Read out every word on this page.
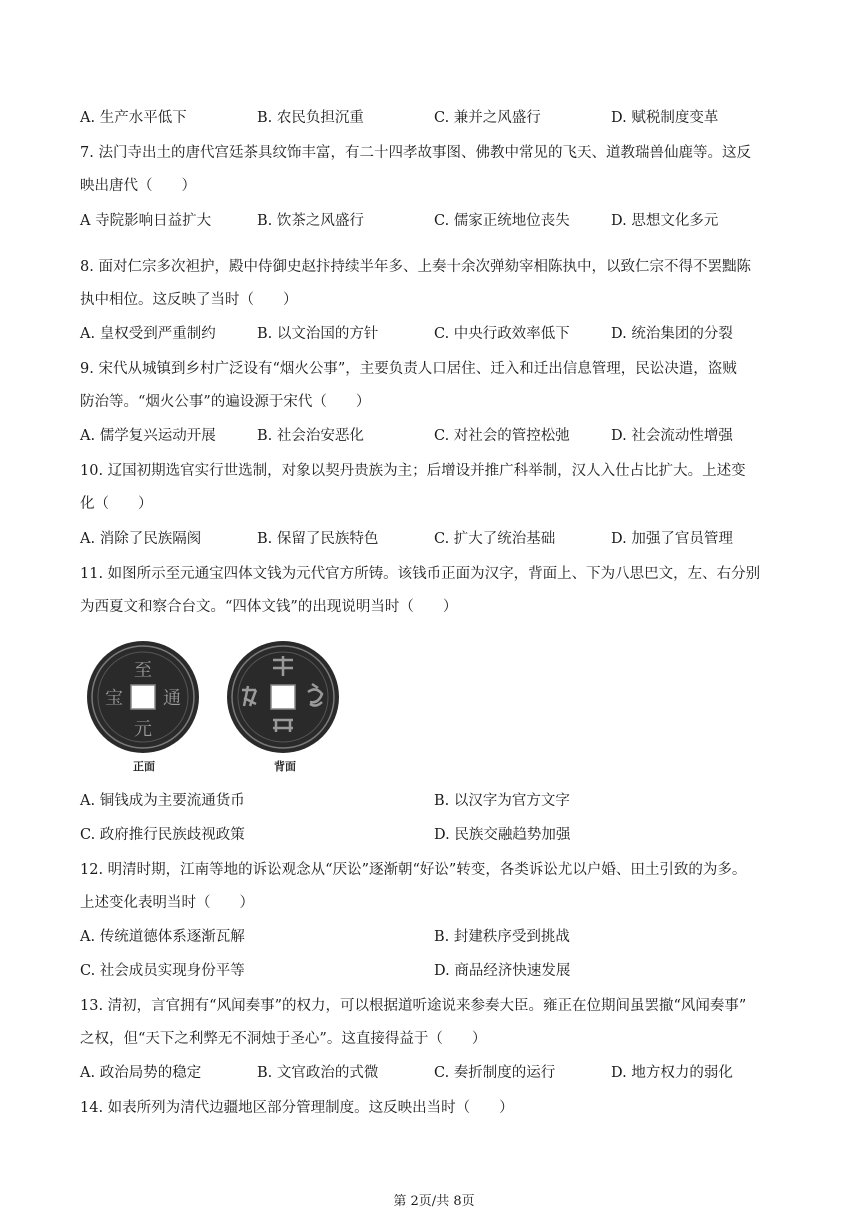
A. 生产水平低下	B. 农民负担沉重	C. 兼并之风盛行	D. 赋税制度变革
7. 法门寺出土的唐代宫廷茶具纹饰丰富，有二十四孝故事图、佛教中常见的飞天、道教瑞兽仙鹿等。这反
映出唐代（　　）
A 寺院影响日益扩大	B. 饮茶之风盛行	C. 儒家正统地位丧失	D. 思想文化多元
8. 面对仁宗多次袒护，殿中侍御史赵抃持续半年多、上奏十余次弹劾宰相陈执中，以致仁宗不得不罢黜陈
执中相位。这反映了当时（　　）
A. 皇权受到严重制约	B. 以文治国的方针	C. 中央行政效率低下	D. 统治集团的分裂
9. 宋代从城镇到乡村广泛设有“烟火公事”，主要负责人口居住、迁入和迁出信息管理，民讼决遣，盗贼
防治等。“烟火公事”的遍设源于宋代（　　）
A. 儒学复兴运动开展	B. 社会治安恶化	C. 对社会的管控松弛	D. 社会流动性增强
10. 辽国初期选官实行世选制，对象以契丹贵族为主；后增设并推广科举制，汉人入仕占比扩大。上述变
化（　　）
A. 消除了民族隔阂	B. 保留了民族特色	C. 扩大了统治基础	D. 加强了官员管理
11. 如图所示至元通宝四体文钱为元代官方所铸。该钱币正面为汉字，背面上、下为八思巴文，左、右分别
为西夏文和察合台文。“四体文钱”的出现说明当时（　　）
至
元
通
宝
正面	背面
A. 铜钱成为主要流通货币	B. 以汉字为官方文字
C. 政府推行民族歧视政策	D. 民族交融趋势加强
12. 明清时期，江南等地的诉讼观念从“厌讼”逐渐朝“好讼”转变，各类诉讼尤以户婚、田土引致的为多。
上述变化表明当时（　　）
A. 传统道德体系逐渐瓦解	B. 封建秩序受到挑战
C. 社会成员实现身份平等	D. 商品经济快速发展
13. 清初，言官拥有“风闻奏事”的权力，可以根据道听途说来参奏大臣。雍正在位期间虽罢撤“风闻奏事”
之权，但“天下之利弊无不洞烛于圣心”。这直接得益于（　　）
A. 政治局势的稳定	B. 文官政治的式微	C. 奏折制度的运行	D. 地方权力的弱化
14. 如表所列为清代边疆地区部分管理制度。这反映出当时（　　）
第 2页/共 8页
